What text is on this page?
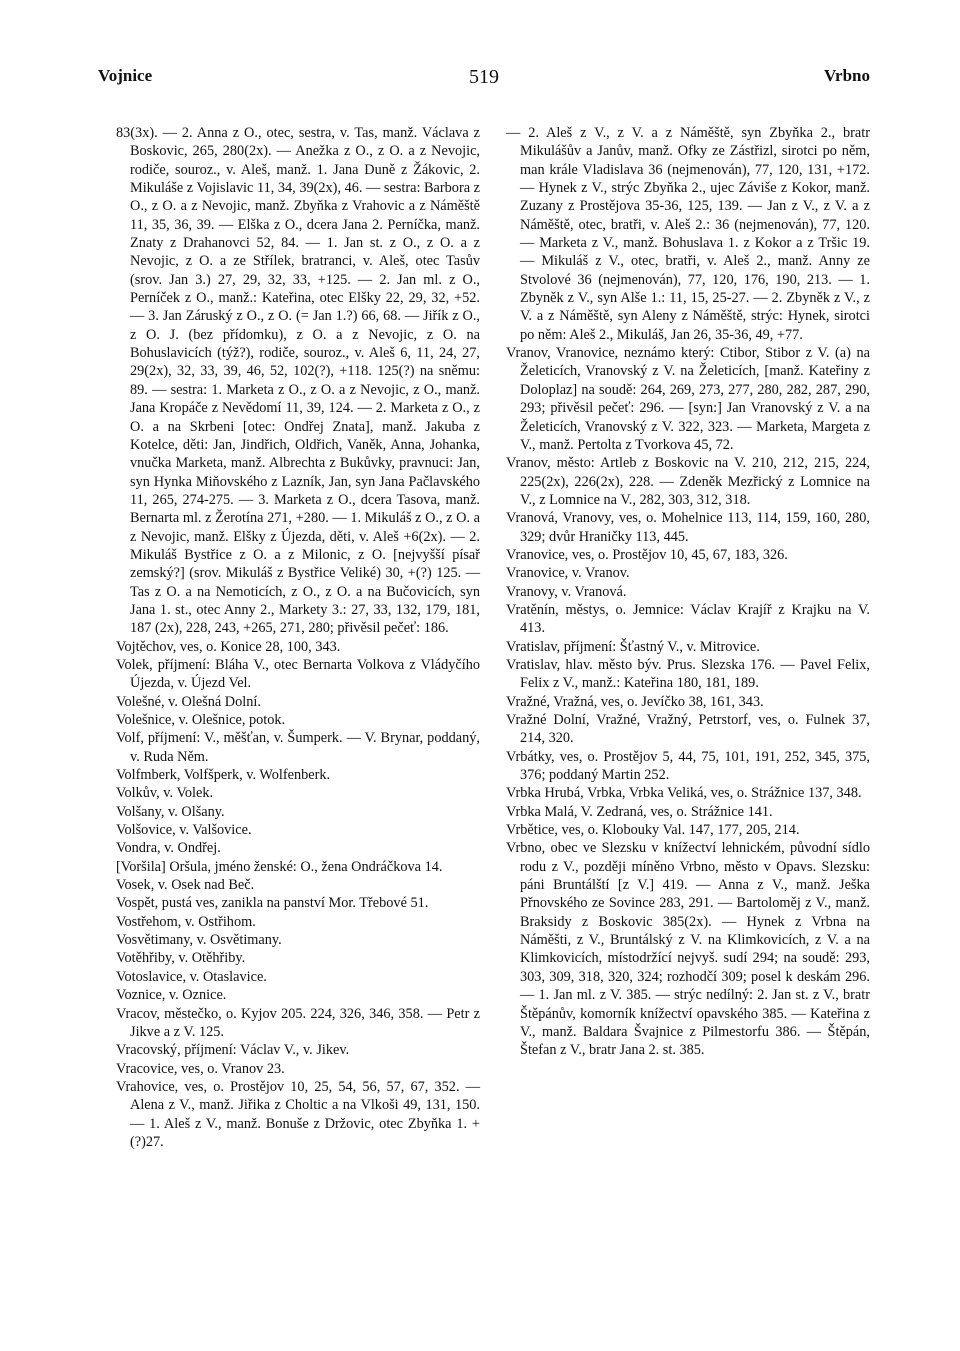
Vojnice	519	Vrbno

83(3x). — 2. Anna z O., otec, sestra, v. Tas, manž. Václava z Boskovic, 265, 280(2x). — Anežka z O., z O. a z Nevojic, rodiče, souroz., v. Aleš, manž. 1. Jana Duně z Žákovic, 2. Mikuláše z Vojislavic 11, 34, 39(2x), 46. — sestra: Barbora z O., z O. a z Nevojic, manž. Zbyňka z Vrahovic a z Náměště 11, 35, 36, 39. — Elška z O., dcera Jana 2. Perníčka, manž. Znaty z Drahanovci 52, 84. — 1. Jan st. z O., z O. a z Nevojic, z O. a ze Střílek, bratranci, v. Aleš, otec Tasův (srov. Jan 3.) 27, 29, 32, 33, +125. — 2. Jan ml. z O., Perníček z O., manž.: Kateřina, otec Elšky 22, 29, 32, +52. — 3. Jan Záruský z O., z O. (= Jan 1.?) 66, 68. — Jiřík z O., z O. J. (bez přídomku), z O. a z Nevojic, z O. na Bohuslavicích (týž?), rodiče, souroz., v. Aleš 6, 11, 24, 27, 29(2x), 32, 33, 39, 46, 52, 102(?), +118. 125(?) na sněmu: 89. — sestra: 1. Marketa z O., z O. a z Nevojic, z O., manž. Jana Kropáče z Nevědomí 11, 39, 124. — 2. Marketa z O., z O. a na Skrbeni [otec: Ondřej Znata], manž. Jakuba z Kotelce, děti: Jan, Jindřich, Oldřich, Vaněk, Anna, Johanka, vnučka Marketa, manž. Albrechta z Bukůvky, pravnuci: Jan, syn Hynka Miňovského z Lazník, Jan, syn Jana Pačlavského 11, 265, 274-275. — 3. Marketa z O., dcera Tasova, manž. Bernarta ml. z Žerotína 271, +280. — 1. Mikuláš z O., z O. a z Nevojic, manž. Elšky z Újezda, děti, v. Aleš +6(2x). — 2. Mikuláš Bystřice z O. a z Milonic, z O. [nejvyšší písař zemský?] (srov. Mikuláš z Bystřice Veliké) 30, +(?) 125. — Tas z O. a na Nemoticích, z O., z O. a na Bučovicích, syn Jana 1. st., otec Anny 2., Markety 3.: 27, 33, 132, 179, 181, 187 (2x), 228, 243, +265, 271, 280; přivěsil pečeť: 186.

Vojtěchov, ves, o. Konice 28, 100, 343.

Volek, příjmení: Bláha V., otec Bernarta Volkova z Vládyčího Újezda, v. Újezd Vel.

Volešné, v. Olešná Dolní.

Volešnice, v. Olešnice, potok.

Volf, příjmení: V., měšťan, v. Šumperk. — V. Brynar, poddaný, v. Ruda Něm.

Volfmberk, Volfšperk, v. Wolfenberk.

Volkův, v. Volek.

Volšany, v. Olšany.

Volšovice, v. Valšovice.

Vondra, v. Ondřej.

[Voršila] Oršula, jméno ženské: O., žena Ondráčkova 14.

Vosek, v. Osek nad Beč.

Vospět, pustá ves, zanikla na panství Mor. Třebové 51.

Vostřehom, v. Ostřihom.

Vosvětimany, v. Osvětimany.

Votěhřiby, v. Otěhřiby.

Votoslavice, v. Otaslavice.

Voznice, v. Oznice.

Vracov, městečko, o. Kyjov 205. 224, 326, 346, 358. — Petr z Jikve a z V. 125.

Vracovský, příjmení: Václav V., v. Jikev.

Vracovice, ves, o. Vranov 23.

Vrahovice, ves, o. Prostějov 10, 25, 54, 56, 57, 67, 352. — Alena z V., manž. Jiřika z Choltic a na Vlkoši 49, 131, 150. — 1. Aleš z V., manž. Bonuše z Držovic, otec Zbyňka 1. + (?)27.

— 2. Aleš z V., z V. a z Náměště, syn Zbyňka 2., bratr Mikulášův a Janův, manž. Ofky ze Zástřizl, sirotci po něm, man krále Vladislava 36 (nejmenován), 77, 120, 131, +172. — Hynek z V., strýc Zbyňka 2., ujec Záviše z Kokor, manž. Zuzany z Prostějova 35-36, 125, 139. — Jan z V., z V. a z Náměště, otec, bratři, v. Aleš 2.: 36 (nejmenován), 77, 120. — Marketa z V., manž. Bohuslava 1. z Kokor a z Tršic 19. — Mikuláš z V., otec, bratři, v. Aleš 2., manž. Anny ze Stvolové 36 (nejmenován), 77, 120, 176, 190, 213. — 1. Zbyněk z V., syn Alše 1.: 11, 15, 25-27. — 2. Zbyněk z V., z V. a z Náměště, syn Aleny z Náměště, strýc: Hynek, sirotci po něm: Aleš 2., Mikuláš, Jan 26, 35-36, 49, +77.

Vranov, Vranovice, neznámo který: Ctibor, Stibor z V. (a) na Želeticích, Vranovský z V. na Želeticích, [manž. Kateřiny z Doloplaz] na soudě: 264, 269, 273, 277, 280, 282, 287, 290, 293; přivěsil pečeť: 296. — [syn:] Jan Vranovský z V. a na Želeticích, Vranovský z V. 322, 323. — Marketa, Margeta z V., manž. Pertolta z Tvorkova 45, 72.

Vranov, město: Artleb z Boskovic na V. 210, 212, 215, 224, 225(2x), 226(2x), 228. — Zdeněk Mezřický z Lomnice na V., z Lomnice na V., 282, 303, 312, 318.

Vranová, Vranovy, ves, o. Mohelnice 113, 114, 159, 160, 280, 329; dvůr Hraničky 113, 445.

Vranovice, ves, o. Prostějov 10, 45, 67, 183, 326.

Vranovice, v. Vranov.

Vranovy, v. Vranová.

Vratěnín, městys, o. Jemnice: Václav Krajíř z Krajku na V. 413.

Vratislav, příjmení: Šťastný V., v. Mitrovice.

Vratislav, hlav. město býv. Prus. Slezska 176. — Pavel Felix, Felix z V., manž.: Kateřina 180, 181, 189.

Vražné, Vražná, ves, o. Jevíčko 38, 161, 343.

Vražné Dolní, Vražné, Vražný, Petrstorf, ves, o. Fulnek 37, 214, 320.

Vrbátky, ves, o. Prostějov 5, 44, 75, 101, 191, 252, 345, 375, 376; poddaný Martin 252.

Vrbka Hrubá, Vrbka, Vrbka Veliká, ves, o. Strážnice 137, 348.

Vrbka Malá, V. Zedraná, ves, o. Strážnice 141.

Vrbětice, ves, o. Klobouky Val. 147, 177, 205, 214.

Vrbno, obec ve Slezsku v knížectví lehnickém, původní sídlo rodu z V., později míněno Vrbno, město v Opavs. Slezsku: páni Bruntálští [z V.] 419. — Anna z V., manž. Ješka Přnovského ze Sovince 283, 291. — Bartoloměj z V., manž. Braksidy z Boskovic 385(2x). — Hynek z Vrbna na Náměšti, z V., Bruntálský z V. na Klimkovicích, z V. a na Klimkovicích, místodržící nejvyš. sudí 294; na soudě: 293, 303, 309, 318, 320, 324; rozhodčí 309; posel k deskám 296. — 1. Jan ml. z V. 385. — strýc nedílný: 2. Jan st. z V., bratr Štěpánův, komorník knížectví opavského 385. — Kateřina z V., manž. Baldara Švajnice z Pilmestorfu 386. — Štěpán, Štefan z V., bratr Jana 2. st. 385.
